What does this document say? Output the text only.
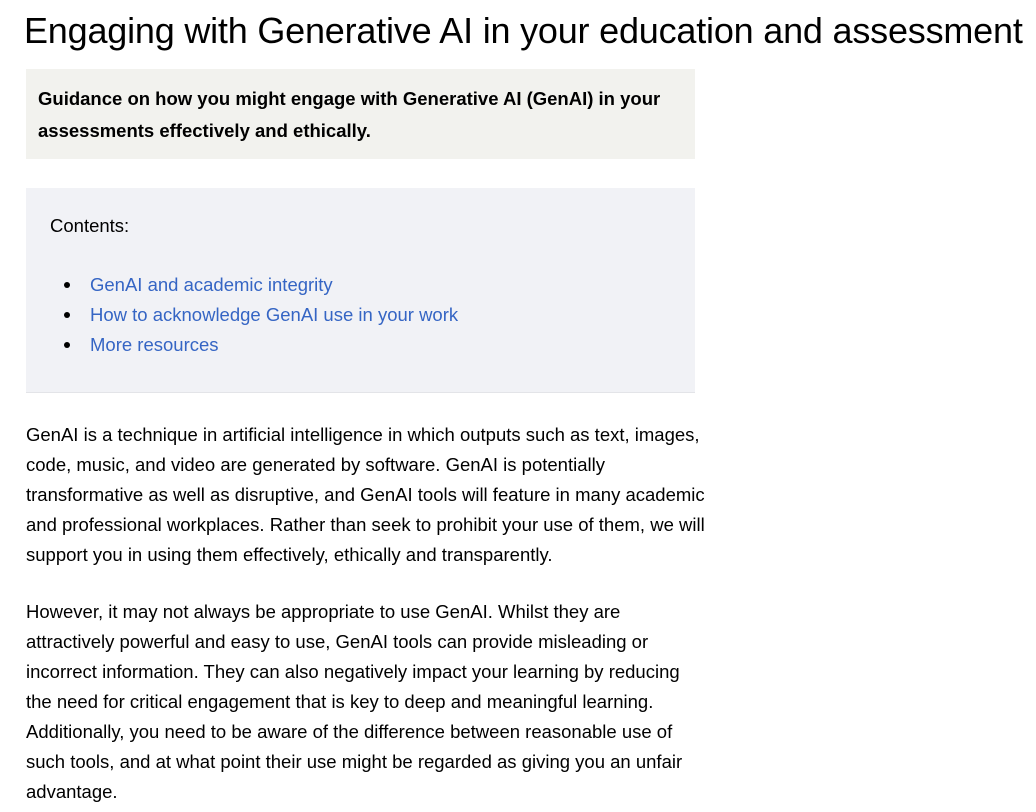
Engaging with Generative AI in your education and assessment

Guidance on how you might engage with Generative AI (GenAI) in your
assessments effectively and ethically.

Contents:

GenAI and academic integrity
How to acknowledge GenAI use in your work
More resources

GenAI is a technique in artificial intelligence in which outputs such as text, images,
code, music, and video are generated by software. GenAI is potentially
transformative as well as disruptive, and GenAI tools will feature in many academic
and professional workplaces. Rather than seek to prohibit your use of them, we will
support you in using them effectively, ethically and transparently.

However, it may not always be appropriate to use GenAI. Whilst they are
attractively powerful and easy to use, GenAI tools can provide misleading or
incorrect information. They can also negatively impact your learning by reducing
the need for critical engagement that is key to deep and meaningful learning.
Additionally, you need to be aware of the difference between reasonable use of
such tools, and at what point their use might be regarded as giving you an unfair
advantage.
